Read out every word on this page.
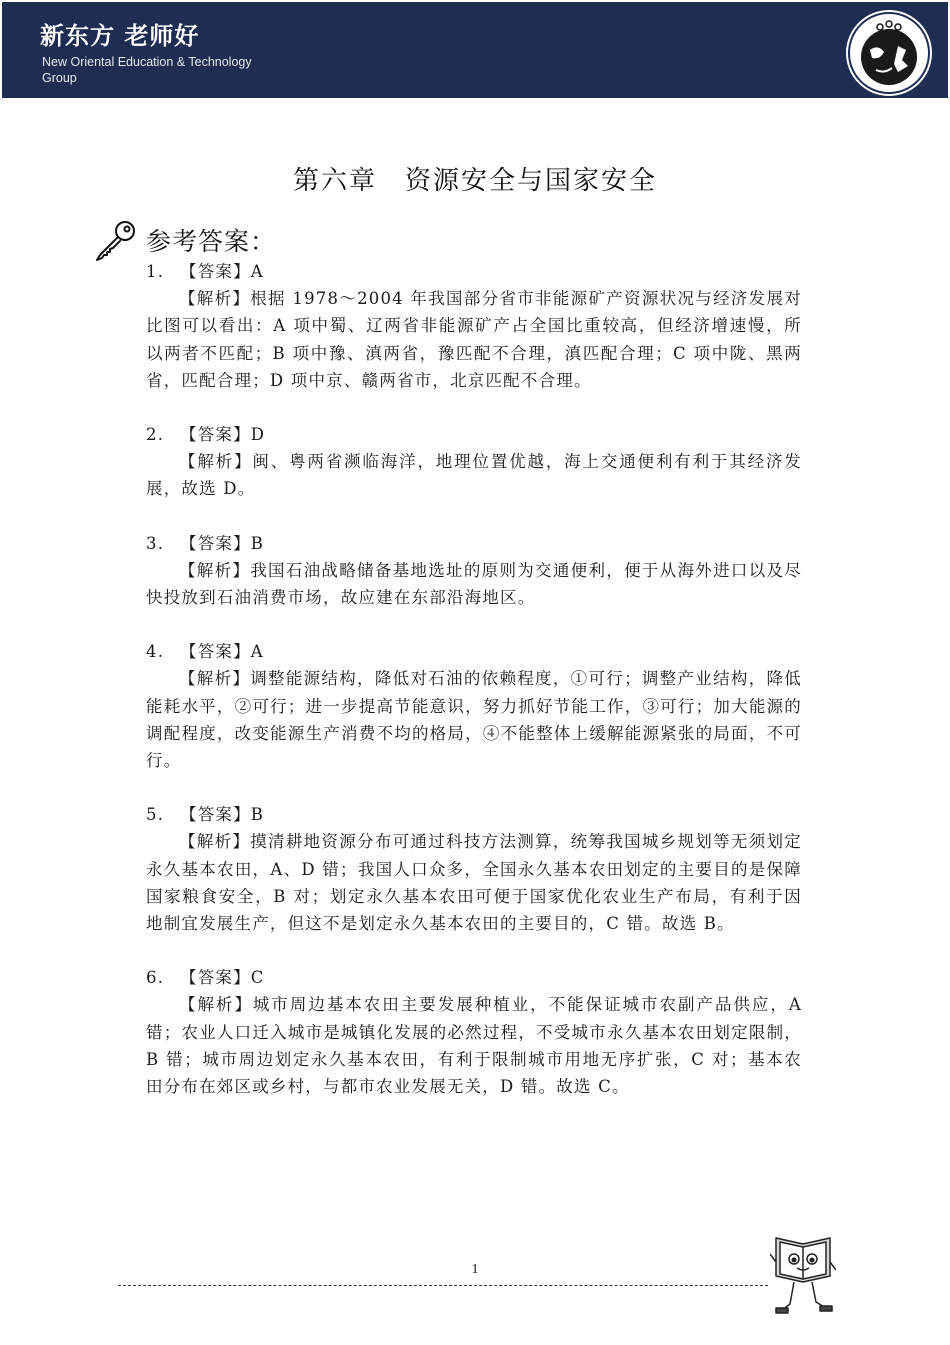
新东方 老师好
New Oriental Education & Technology Group
第六章　资源安全与国家安全
参考答案：

1. 【答案】A

【解析】根据 1978～2004 年我国部分省市非能源矿产资源状况与经济发展对比图可以看出：A 项中蜀、辽两省非能源矿产占全国比重较高，但经济增速慢，所以两者不匹配；B 项中豫、滇两省，豫匹配不合理，滇匹配合理；C 项中陇、黑两省，匹配合理；D 项中京、赣两省市，北京匹配不合理。

2. 【答案】D

【解析】闽、粤两省濒临海洋，地理位置优越，海上交通便利有利于其经济发展，故选 D。

3. 【答案】B

【解析】我国石油战略储备基地选址的原则为交通便利，便于从海外进口以及尽快投放到石油消费市场，故应建在东部沿海地区。

4. 【答案】A

【解析】调整能源结构，降低对石油的依赖程度，①可行；调整产业结构，降低能耗水平，②可行；进一步提高节能意识，努力抓好节能工作，③可行；加大能源的调配程度，改变能源生产消费不均的格局，④不能整体上缓解能源紧张的局面，不可行。

5. 【答案】B

【解析】摸清耕地资源分布可通过科技方法测算，统筹我国城乡规划等无须划定永久基本农田，A、D 错；我国人口众多，全国永久基本农田划定的主要目的是保障国家粮食安全，B 对；划定永久基本农田可便于国家优化农业生产布局，有利于因地制宜发展生产，但这不是划定永久基本农田的主要目的，C 错。故选 B。

6. 【答案】C

【解析】城市周边基本农田主要发展种植业，不能保证城市农副产品供应，A 错；农业人口迁入城市是城镇化发展的必然过程，不受城市永久基本农田划定限制，B 错；城市周边划定永久基本农田，有利于限制城市用地无序扩张，C 对；基本农田分布在郊区或乡村，与都市农业发展无关，D 错。故选 C。

1
